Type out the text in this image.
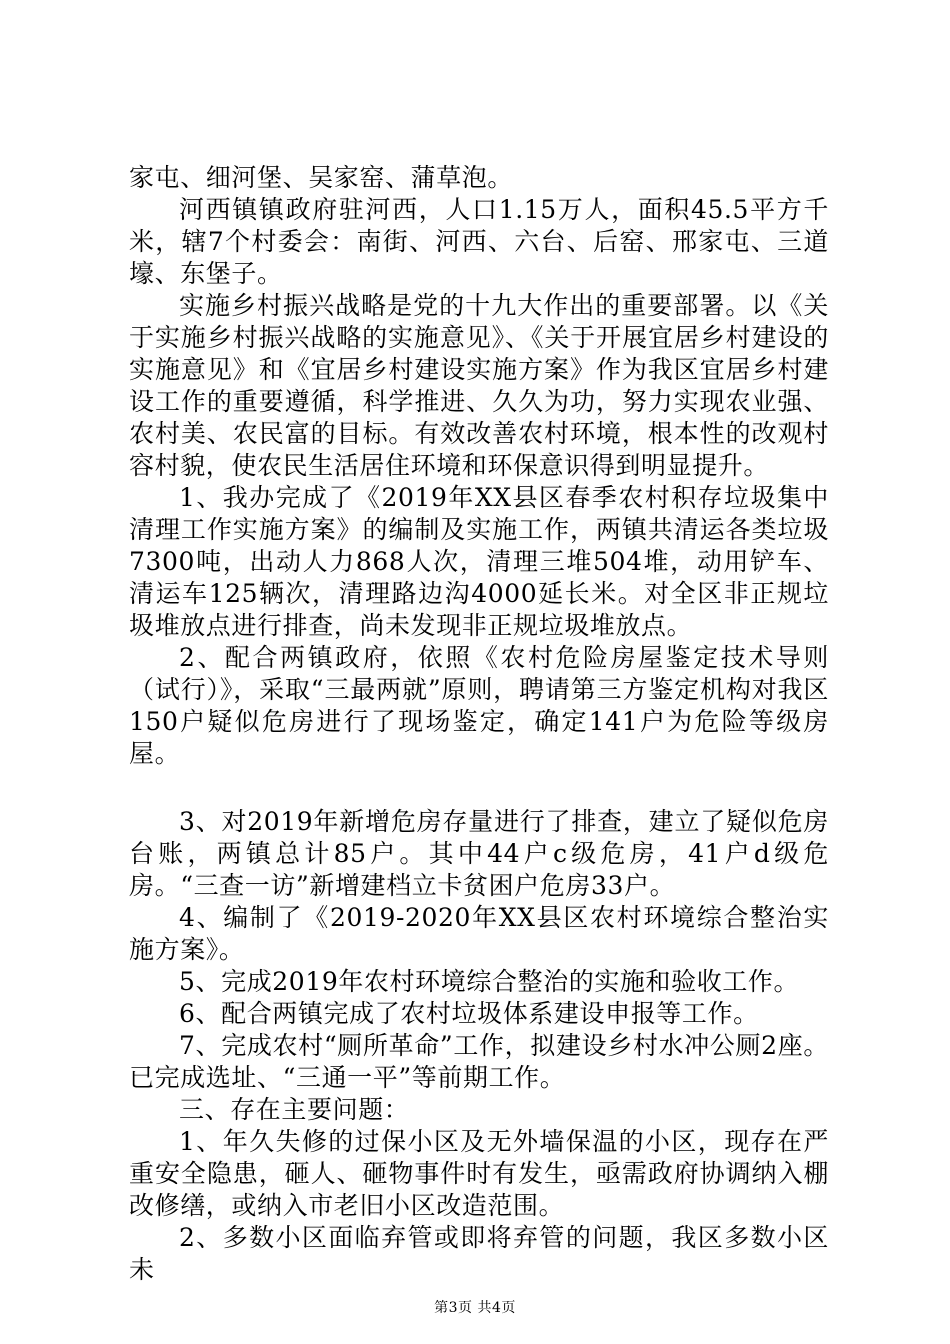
家屯、细河堡、吴家窑、蒲草泡。

河西镇镇政府驻河西，人口1.15万人，面积45.5平方千米，辖7个村委会：南街、河西、六台、后窑、邢家屯、三道壕、东堡子。

实施乡村振兴战略是党的十九大作出的重要部署。以《关于实施乡村振兴战略的实施意见》、《关于开展宜居乡村建设的实施意见》和《宜居乡村建设实施方案》作为我区宜居乡村建设工作的重要遵循，科学推进、久久为功，努力实现农业强、农村美、农民富的目标。有效改善农村环境，根本性的改观村容村貌，使农民生活居住环境和环保意识得到明显提升。

1、我办完成了《2019年XX县区春季农村积存垃圾集中清理工作实施方案》的编制及实施工作，两镇共清运各类垃圾7300吨，出动人力868人次，清理三堆504堆，动用铲车、清运车125辆次，清理路边沟4000延长米。对全区非正规垃圾堆放点进行排查，尚未发现非正规垃圾堆放点。

2、配合两镇政府，依照《农村危险房屋鉴定技术导则（试行）》，采取“三最两就”原则，聘请第三方鉴定机构对我区150户疑似危房进行了现场鉴定，确定141户为危险等级房屋。

3、对2019年新增危房存量进行了排查，建立了疑似危房台账，两镇总计85户。其中44户c级危房，41户d级危房。“三查一访”新增建档立卡贫困户危房33户。

4、编制了《2019-2020年XX县区农村环境综合整治实施方案》。

5、完成2019年农村环境综合整治的实施和验收工作。

6、配合两镇完成了农村垃圾体系建设申报等工作。

7、完成农村“厕所革命”工作，拟建设乡村水冲公厕2座。已完成选址、“三通一平”等前期工作。

三、存在主要问题：

1、年久失修的过保小区及无外墙保温的小区，现存在严重安全隐患，砸人、砸物事件时有发生，亟需政府协调纳入棚改修缮，或纳入市老旧小区改造范围。

2、多数小区面临弃管或即将弃管的问题，我区多数小区未

第3页 共4页
